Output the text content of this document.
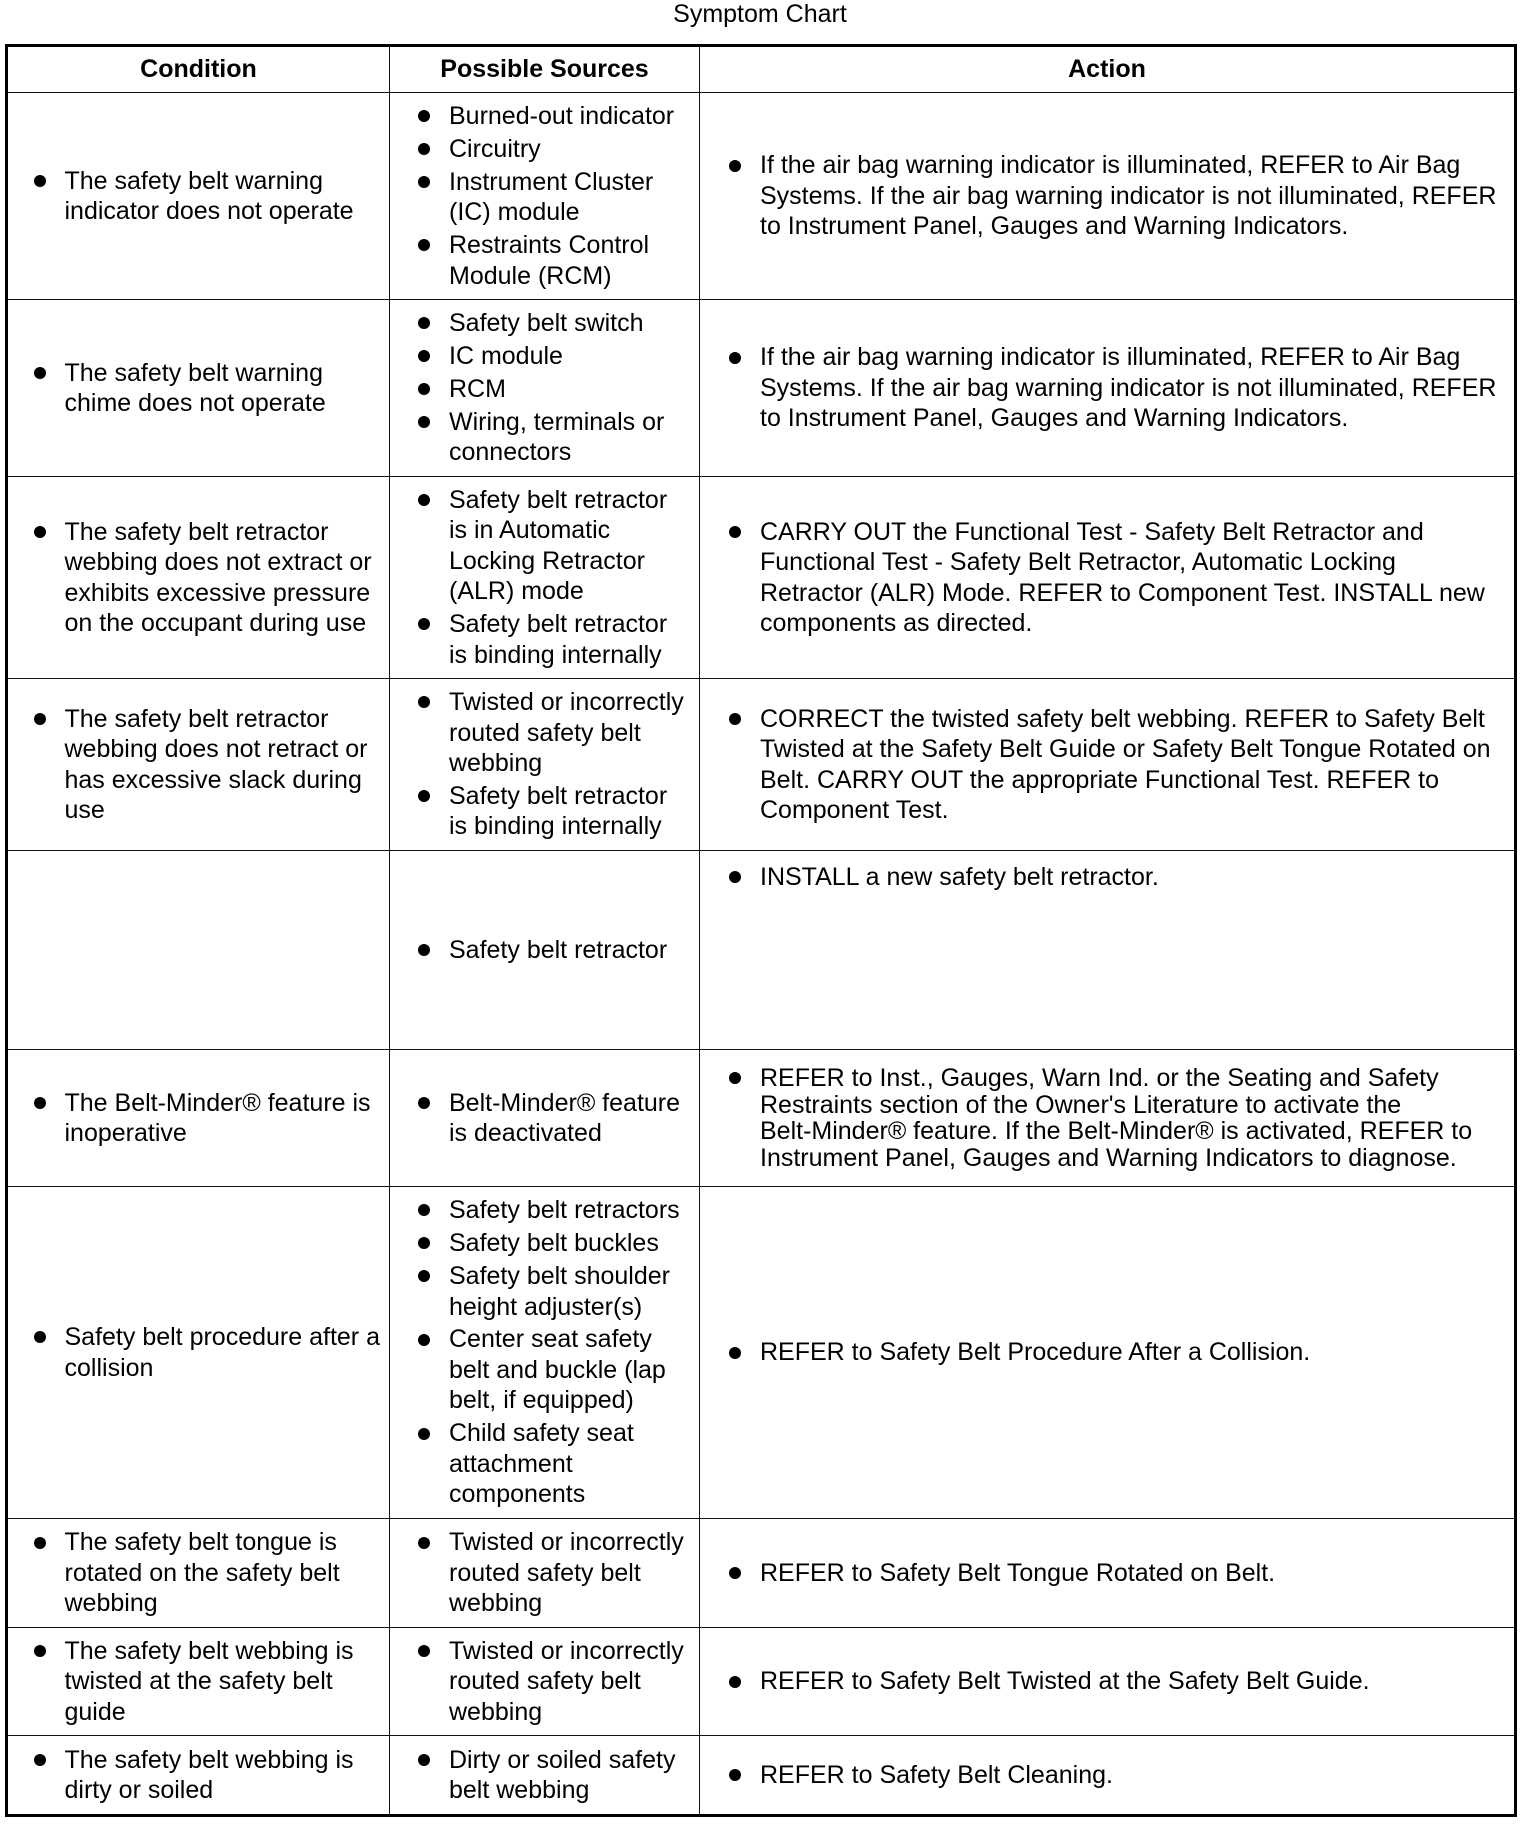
Symptom Chart
Condition	Possible Sources	Action
The safety belt warning
indicator does not operate
Burned-out indicator
Circuitry
Instrument Cluster
(IC) module
Restraints Control
Module (RCM)
If the air bag warning indicator is illuminated, REFER to Air Bag
Systems. If the air bag warning indicator is not illuminated, REFER
to Instrument Panel, Gauges and Warning Indicators.
The safety belt warning
chime does not operate
Safety belt switch
IC module
RCM
Wiring, terminals or
connectors
If the air bag warning indicator is illuminated, REFER to Air Bag
Systems. If the air bag warning indicator is not illuminated, REFER
to Instrument Panel, Gauges and Warning Indicators.
The safety belt retractor
webbing does not extract or
exhibits excessive pressure
on the occupant during use
Safety belt retractor
is in Automatic
Locking Retractor
(ALR) mode
Safety belt retractor
is binding internally
CARRY OUT the Functional Test - Safety Belt Retractor and
Functional Test - Safety Belt Retractor, Automatic Locking
Retractor (ALR) Mode. REFER to Component Test. INSTALL new
components as directed.
The safety belt retractor
webbing does not retract or
has excessive slack during
use
Twisted or incorrectly
routed safety belt
webbing
Safety belt retractor
is binding internally
CORRECT the twisted safety belt webbing. REFER to Safety Belt
Twisted at the Safety Belt Guide or Safety Belt Tongue Rotated on
Belt. CARRY OUT the appropriate Functional Test. REFER to
Component Test.
Safety belt retractor
INSTALL a new safety belt retractor.
The Belt-Minder® feature is
inoperative
Belt-Minder® feature
is deactivated
REFER to Inst., Gauges, Warn Ind. or the Seating and Safety
Restraints section of the Owner's Literature to activate the
Belt-Minder® feature. If the Belt-Minder® is activated, REFER to
Instrument Panel, Gauges and Warning Indicators to diagnose.
Safety belt procedure after a
collision
Safety belt retractors
Safety belt buckles
Safety belt shoulder
height adjuster(s)
Center seat safety
belt and buckle (lap
belt, if equipped)
Child safety seat
attachment
components
REFER to Safety Belt Procedure After a Collision.
The safety belt tongue is
rotated on the safety belt
webbing
Twisted or incorrectly
routed safety belt
webbing
REFER to Safety Belt Tongue Rotated on Belt.
The safety belt webbing is
twisted at the safety belt
guide
Twisted or incorrectly
routed safety belt
webbing
REFER to Safety Belt Twisted at the Safety Belt Guide.
The safety belt webbing is
dirty or soiled
Dirty or soiled safety
belt webbing
REFER to Safety Belt Cleaning.
